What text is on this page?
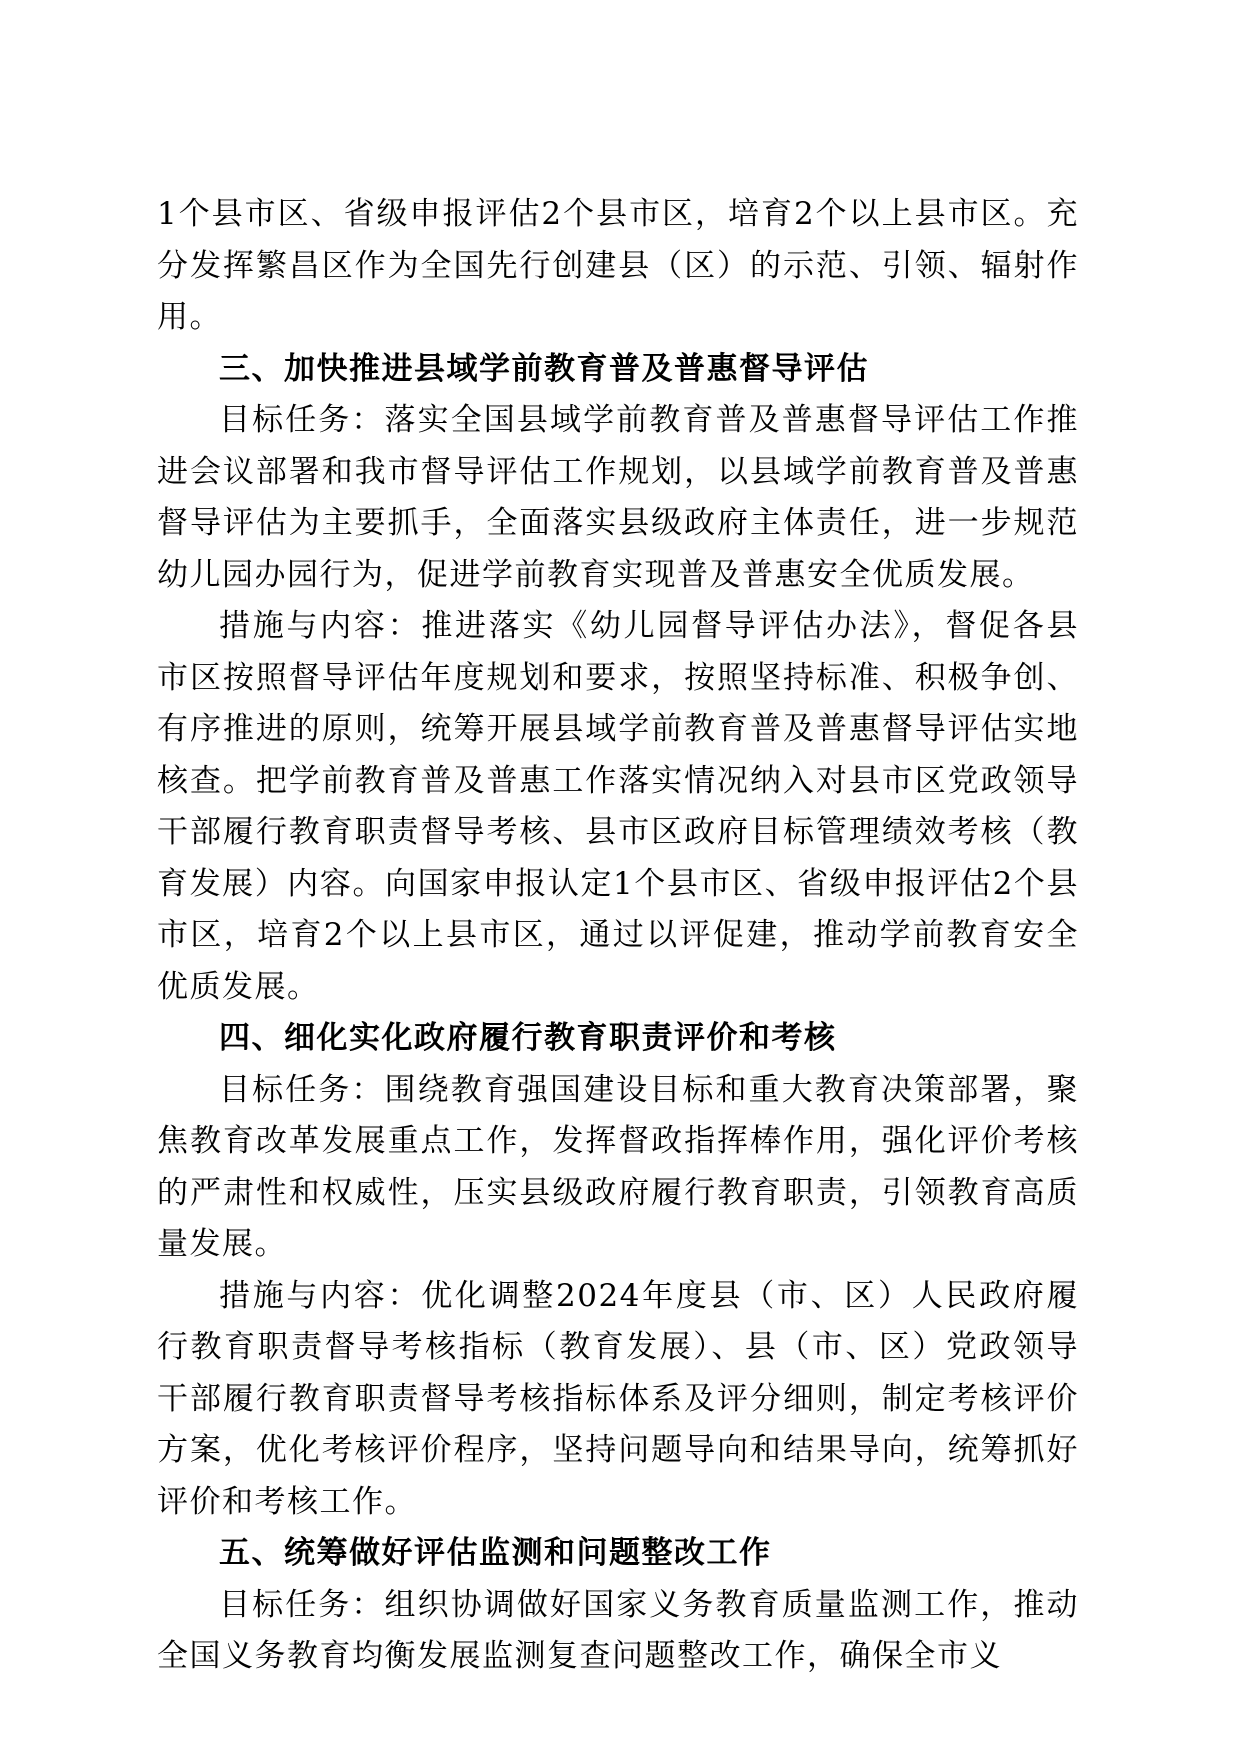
1个县市区、省级申报评估2个县市区，培育2个以上县市区。充分发挥繁昌区作为全国先行创建县（区）的示范、引领、辐射作用。

三、加快推进县域学前教育普及普惠督导评估

目标任务：落实全国县域学前教育普及普惠督导评估工作推进会议部署和我市督导评估工作规划，以县域学前教育普及普惠督导评估为主要抓手，全面落实县级政府主体责任，进一步规范幼儿园办园行为，促进学前教育实现普及普惠安全优质发展。

措施与内容：推进落实《幼儿园督导评估办法》，督促各县市区按照督导评估年度规划和要求，按照坚持标准、积极争创、有序推进的原则，统筹开展县域学前教育普及普惠督导评估实地核查。把学前教育普及普惠工作落实情况纳入对县市区党政领导干部履行教育职责督导考核、县市区政府目标管理绩效考核（教育发展）内容。向国家申报认定1个县市区、省级申报评估2个县市区，培育2个以上县市区，通过以评促建，推动学前教育安全优质发展。

四、细化实化政府履行教育职责评价和考核

目标任务：围绕教育强国建设目标和重大教育决策部署，聚焦教育改革发展重点工作，发挥督政指挥棒作用，强化评价考核的严肃性和权威性，压实县级政府履行教育职责，引领教育高质量发展。

措施与内容：优化调整2024年度县（市、区）人民政府履行教育职责督导考核指标（教育发展）、县（市、区）党政领导干部履行教育职责督导考核指标体系及评分细则，制定考核评价方案，优化考核评价程序，坚持问题导向和结果导向，统筹抓好评价和考核工作。

五、统筹做好评估监测和问题整改工作

目标任务：组织协调做好国家义务教育质量监测工作，推动全国义务教育均衡发展监测复查问题整改工作，确保全市义
